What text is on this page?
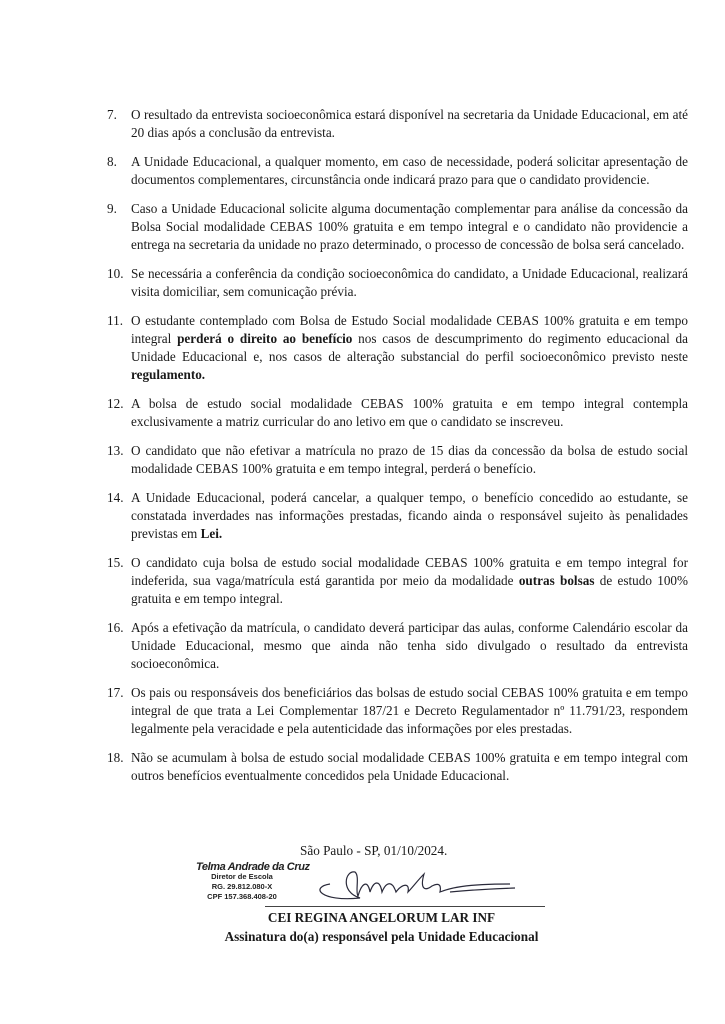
7. O resultado da entrevista socioeconômica estará disponível na secretaria da Unidade Educacional, em até 20 dias após a conclusão da entrevista.
8. A Unidade Educacional, a qualquer momento, em caso de necessidade, poderá solicitar apresentação de documentos complementares, circunstância onde indicará prazo para que o candidato providencie.
9. Caso a Unidade Educacional solicite alguma documentação complementar para análise da concessão da Bolsa Social modalidade CEBAS 100% gratuita e em tempo integral e o candidato não providencie a entrega na secretaria da unidade no prazo determinado, o processo de concessão de bolsa será cancelado.
10. Se necessária a conferência da condição socioeconômica do candidato, a Unidade Educacional, realizará visita domiciliar, sem comunicação prévia.
11. O estudante contemplado com Bolsa de Estudo Social modalidade CEBAS 100% gratuita e em tempo integral perderá o direito ao benefício nos casos de descumprimento do regimento educacional da Unidade Educacional e, nos casos de alteração substancial do perfil socioeconômico previsto neste regulamento.
12. A bolsa de estudo social modalidade CEBAS 100% gratuita e em tempo integral contempla exclusivamente a matriz curricular do ano letivo em que o candidato se inscreveu.
13. O candidato que não efetivar a matrícula no prazo de 15 dias da concessão da bolsa de estudo social modalidade CEBAS 100% gratuita e em tempo integral, perderá o benefício.
14. A Unidade Educacional, poderá cancelar, a qualquer tempo, o benefício concedido ao estudante, se constatada inverdades nas informações prestadas, ficando ainda o responsável sujeito às penalidades previstas em Lei.
15. O candidato cuja bolsa de estudo social modalidade CEBAS 100% gratuita e em tempo integral for indeferida, sua vaga/matrícula está garantida por meio da modalidade outras bolsas de estudo 100% gratuita e em tempo integral.
16. Após a efetivação da matrícula, o candidato deverá participar das aulas, conforme Calendário escolar da Unidade Educacional, mesmo que ainda não tenha sido divulgado o resultado da entrevista socioeconômica.
17. Os pais ou responsáveis dos beneficiários das bolsas de estudo social CEBAS 100% gratuita e em tempo integral de que trata a Lei Complementar 187/21 e Decreto Regulamentador nº 11.791/23, respondem legalmente pela veracidade e pela autenticidade das informações por eles prestadas.
18. Não se acumulam à bolsa de estudo social modalidade CEBAS 100% gratuita e em tempo integral com outros benefícios eventualmente concedidos pela Unidade Educacional.
São Paulo - SP, 01/10/2024.
Telma Andrade da Cruz
Diretor de Escola
RG. 29.812.080-X
CPF 157.368.408-20
CEI REGINA ANGELORUM LAR INF
Assinatura do(a) responsável pela Unidade Educacional
